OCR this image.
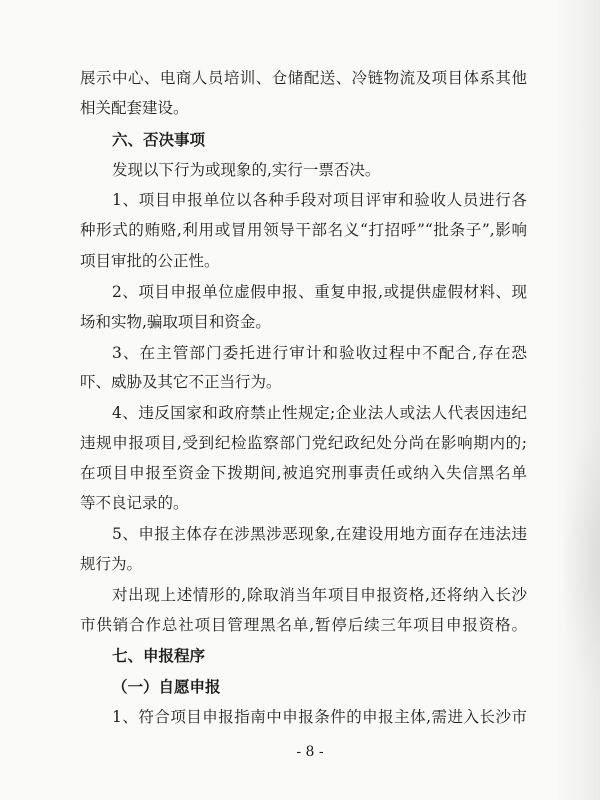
展示中心、电商人员培训、仓储配送、冷链物流及项目体系其他
相关配套建设。
六、否决事项
发现以下行为或现象的,实行一票否决。
1、项目申报单位以各种手段对项目评审和验收人员进行各
种形式的贿赂,利用或冒用领导干部名义“打招呼”“批条子”,影响
项目审批的公正性。
2、项目申报单位虚假申报、重复申报,或提供虚假材料、现
场和实物,骗取项目和资金。
3、在主管部门委托进行审计和验收过程中不配合,存在恐
吓、威胁及其它不正当行为。
4、违反国家和政府禁止性规定;企业法人或法人代表因违纪
违规申报项目,受到纪检监察部门党纪政纪处分尚在影响期内的;
在项目申报至资金下拨期间,被追究刑事责任或纳入失信黑名单
等不良记录的。
5、申报主体存在涉黑涉恶现象,在建设用地方面存在违法违
规行为。
对出现上述情形的,除取消当年项目申报资格,还将纳入长沙
市供销合作总社项目管理黑名单,暂停后续三年项目申报资格。
七、申报程序
（一）自愿申报
1、符合项目申报指南中申报条件的申报主体,需进入长沙市
- 8 -
